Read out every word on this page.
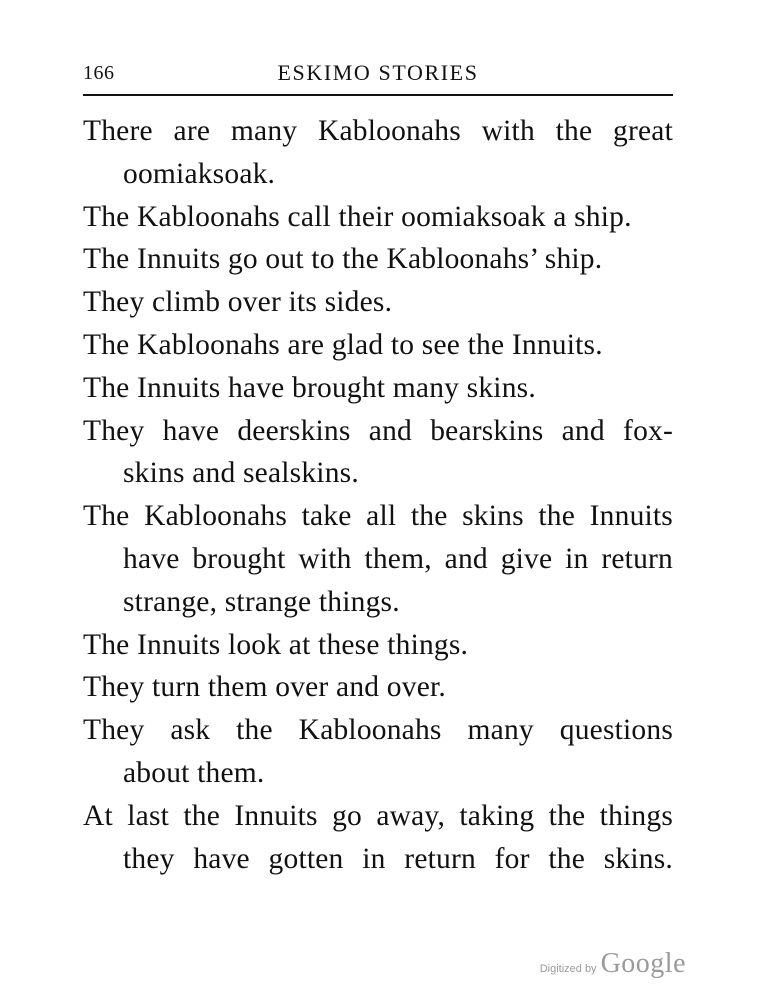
166	ESKIMO STORIES
There are many Kabloonahs with the great
oomiaksoak.
The Kabloonahs call their oomiaksoak a ship.
The Innuits go out to the Kabloonahs’ ship.
They climb over its sides.
The Kabloonahs are glad to see the Innuits.
The Innuits have brought many skins.
They have deerskins and bearskins and fox-
skins and sealskins.
The Kabloonahs take all the skins the Innuits
have brought with them, and give in return
strange, strange things.
The Innuits look at these things.
They turn them over and over.
They ask the Kabloonahs many questions
about them.
At last the Innuits go away, taking the things
they have gotten in return for the skins.
Digitized by Google
